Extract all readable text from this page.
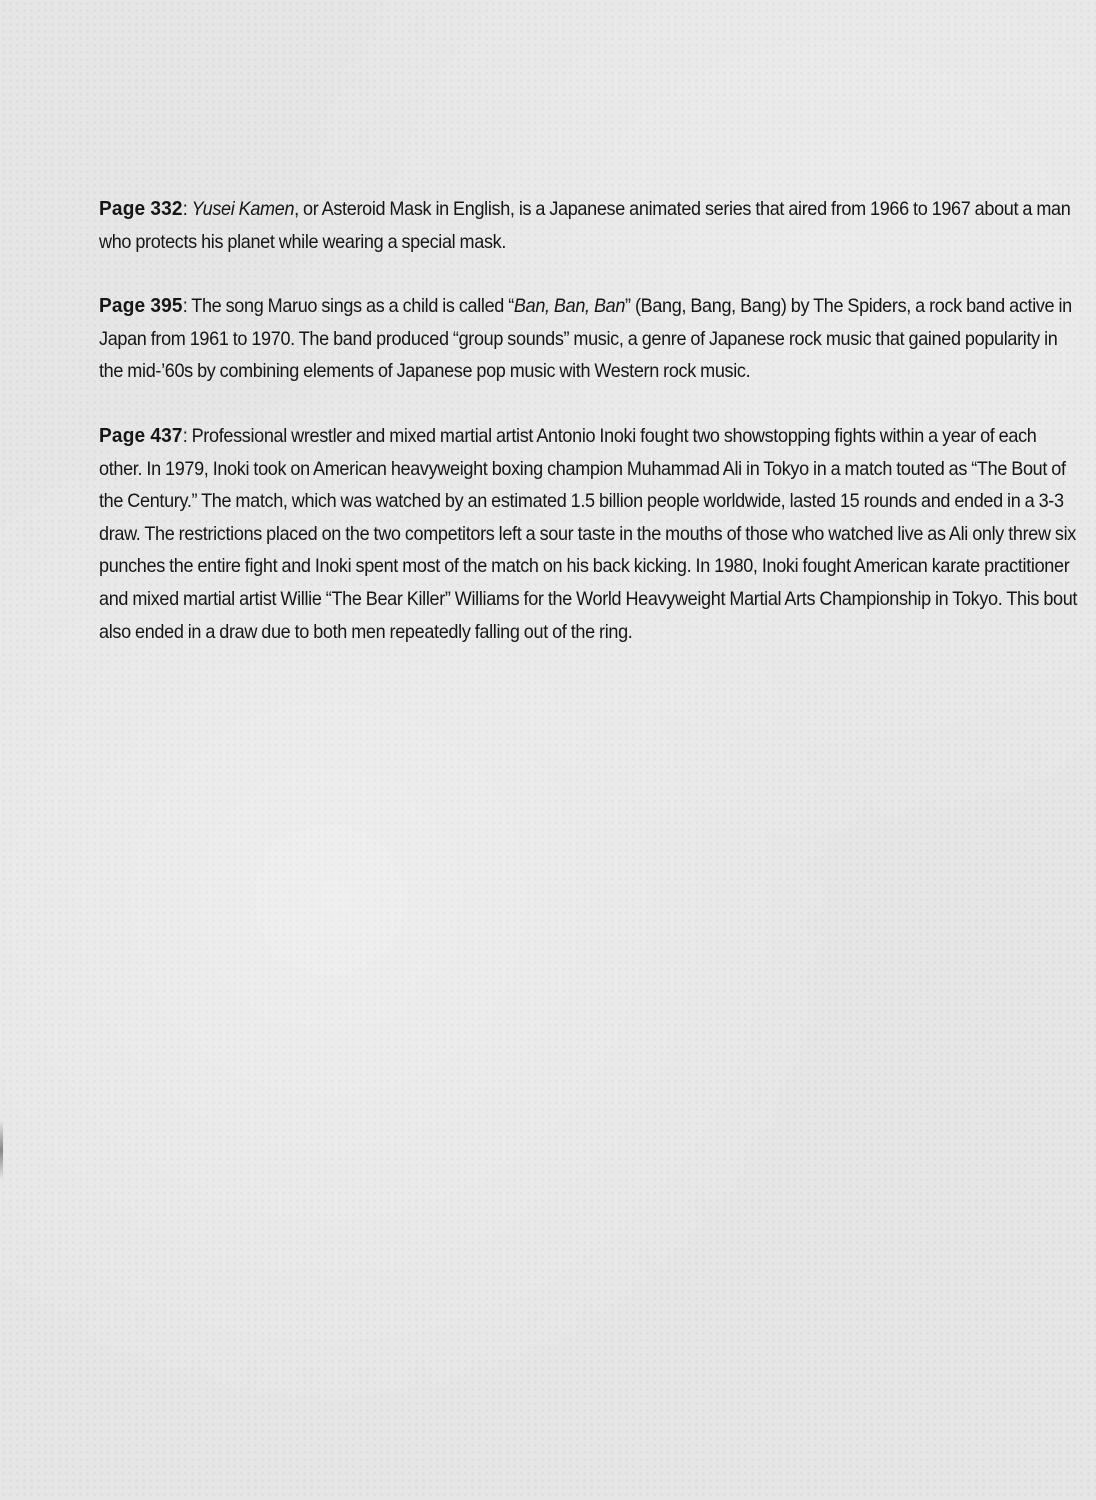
Page 332: Yusei Kamen, or Asteroid Mask in English, is a Japanese animated series that aired from 1966 to 1967 about a man who protects his planet while wearing a special mask.

Page 395: The song Maruo sings as a child is called “Ban, Ban, Ban” (Bang, Bang, Bang) by The Spiders, a rock band active in Japan from 1961 to 1970. The band produced “group sounds” music, a genre of Japanese rock music that gained popularity in the mid-’60s by combining elements of Japanese pop music with Western rock music.

Page 437: Professional wrestler and mixed martial artist Antonio Inoki fought two showstopping fights within a year of each other. In 1979, Inoki took on American heavyweight boxing champion Muhammad Ali in Tokyo in a match touted as “The Bout of the Century.” The match, which was watched by an estimated 1.5 billion people worldwide, lasted 15 rounds and ended in a 3-3 draw. The restrictions placed on the two competitors left a sour taste in the mouths of those who watched live as Ali only threw six punches the entire fight and Inoki spent most of the match on his back kicking. In 1980, Inoki fought American karate practitioner and mixed martial artist Willie “The Bear Killer” Williams for the World Heavyweight Martial Arts Championship in Tokyo. This bout also ended in a draw due to both men repeatedly falling out of the ring.
